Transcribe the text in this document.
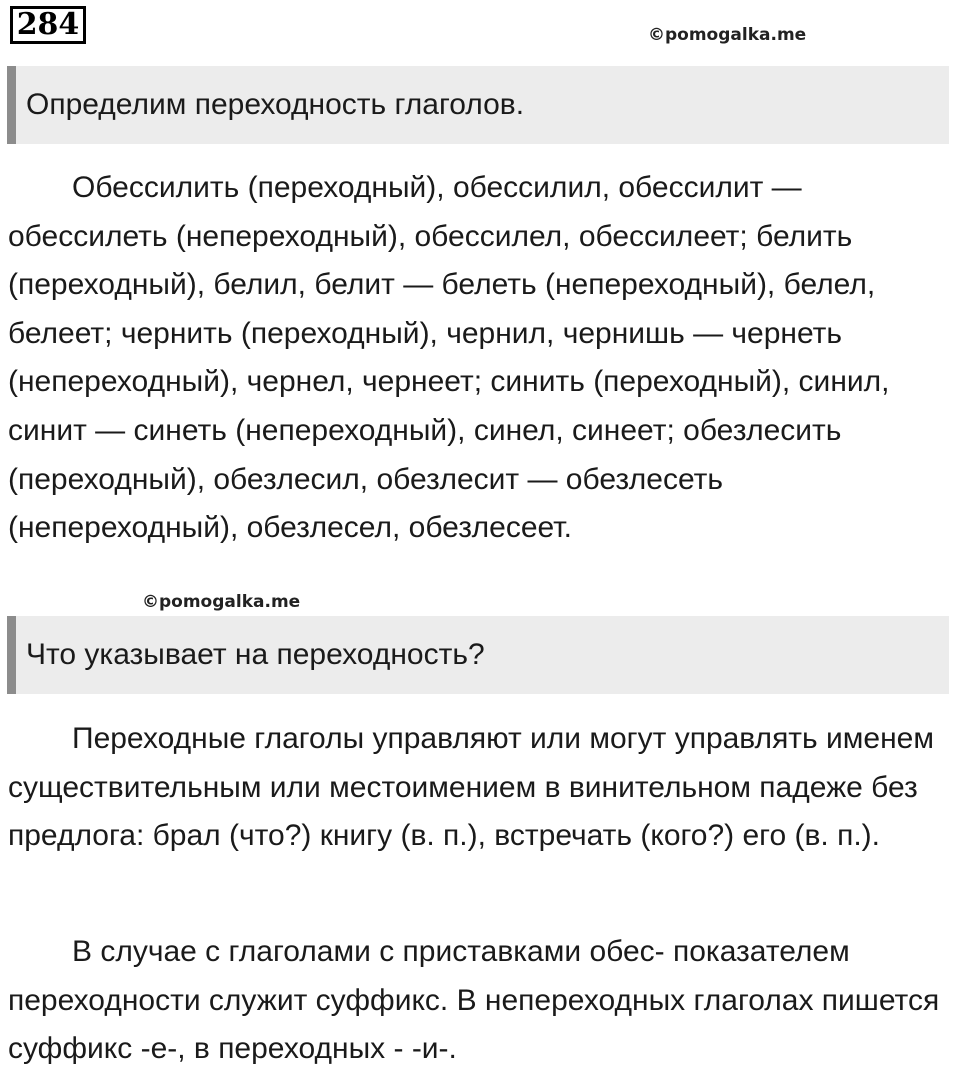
284	©pomogalka.me
Определим переходность глаголов.

Обессилить (переходный), обессилил, обессилит — обессилеть (непереходный), обессилел, обессилеет; белить (переходный), белил, белит — белеть (непереходный), белел, белеет; чернить (переходный), чернил, чернишь — чернеть (непереходный), чернел, чернеет; синить (переходный), синил, синит — синеть (непереходный), синел, синеет; обезлесить (переходный), обезлесил, обезлесит — обезлесеть (непереходный), обезлесел, обезлесеет.

©pomogalka.me
Что указывает на переходность?

Переходные глаголы управляют или могут управлять именем существительным или местоимением в винительном падеже без предлога: брал (что?) книгу (в. п.), встречать (кого?) его (в. п.).

В случае с глаголами с приставками обес- показателем переходности служит суффикс. В непереходных глаголах пишется суффикс -е-, в переходных - -и-.
